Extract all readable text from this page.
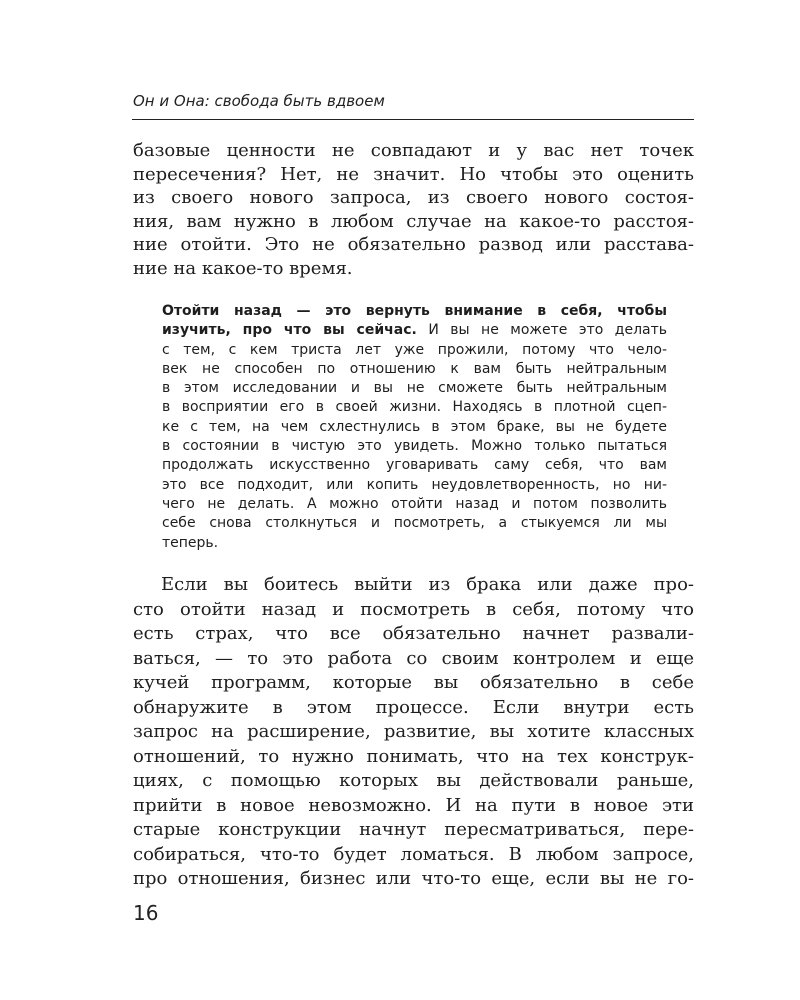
Он и Она: свобода быть вдвоем
базовые ценности не совпадают и у вас нет точек
пересечения? Нет, не значит. Но чтобы это оценить
из своего нового запроса, из своего нового состоя-
ния, вам нужно в любом случае на какое-то расстоя-
ние отойти. Это не обязательно развод или расстава-
ние на какое-то время.
Отойти назад — это вернуть внимание в себя, чтобы
изучить, про что вы сейчас. И вы не можете это делать
с тем, с кем триста лет уже прожили, потому что чело-
век не способен по отношению к вам быть нейтральным
в этом исследовании и вы не сможете быть нейтральным
в восприятии его в своей жизни. Находясь в плотной сцеп-
ке с тем, на чем схлестнулись в этом браке, вы не будете
в состоянии в чистую это увидеть. Можно только пытаться
продолжать искусственно уговаривать саму себя, что вам
это все подходит, или копить неудовлетворенность, но ни-
чего не делать. А можно отойти назад и потом позволить
себе снова столкнуться и посмотреть, а стыкуемся ли мы
теперь.
Если вы боитесь выйти из брака или даже про-
сто отойти назад и посмотреть в себя, потому что
есть страх, что все обязательно начнет развали-
ваться, — то это работа со своим контролем и еще
кучей программ, которые вы обязательно в себе
обнаружите в этом процессе. Если внутри есть
запрос на расширение, развитие, вы хотите классных
отношений, то нужно понимать, что на тех конструк-
циях, с помощью которых вы действовали раньше,
прийти в новое невозможно. И на пути в новое эти
старые конструкции начнут пересматриваться, пере-
собираться, что-то будет ломаться. В любом запросе,
про отношения, бизнес или что-то еще, если вы не го-
16
